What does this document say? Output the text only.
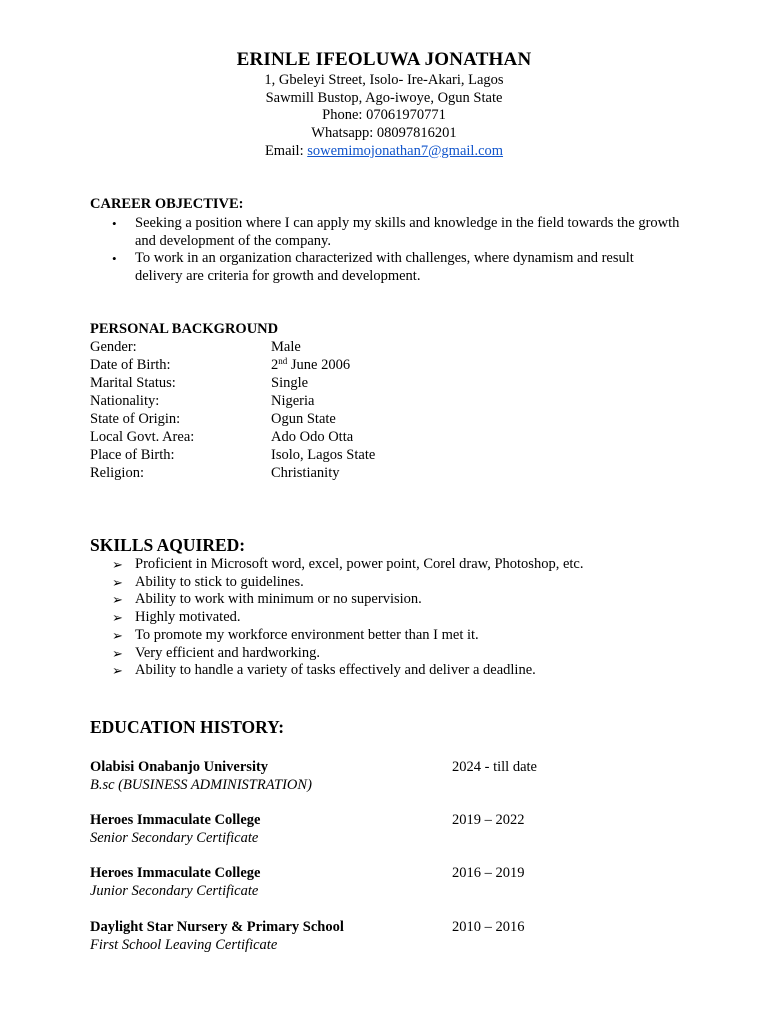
ERINLE IFEOLUWA JONATHAN
1, Gbeleyi Street, Isolo- Ire-Akari, Lagos
Sawmill Bustop, Ago-iwoye, Ogun State
Phone: 07061970771
Whatsapp: 08097816201
Email: sowemimojonathan7@gmail.com
CAREER OBJECTIVE:
• Seeking a position where I can apply my skills and knowledge in the field towards the growth and development of the company.
• To work in an organization characterized with challenges, where dynamism and result delivery are criteria for growth and development.
PERSONAL BACKGROUND
Gender:	Male
Date of Birth:	2nd June 2006
Marital Status:	Single
Nationality:	Nigeria
State of Origin:	Ogun State
Local Govt. Area:	Ado Odo Otta
Place of Birth:	Isolo, Lagos State
Religion:	Christianity
SKILLS AQUIRED:
➢ Proficient in Microsoft word, excel, power point, Corel draw, Photoshop, etc.
➢ Ability to stick to guidelines.
➢ Ability to work with minimum or no supervision.
➢ Highly motivated.
➢ To promote my workforce environment better than I met it.
➢ Very efficient and hardworking.
➢ Ability to handle a variety of tasks effectively and deliver a deadline.
EDUCATION HISTORY:
Olabisi Onabanjo University	2024 - till date
B.sc (BUSINESS ADMINISTRATION)
Heroes Immaculate College	2019 – 2022
Senior Secondary Certificate
Heroes Immaculate College	2016 – 2019
Junior Secondary Certificate
Daylight Star Nursery & Primary School	2010 – 2016
First School Leaving Certificate
